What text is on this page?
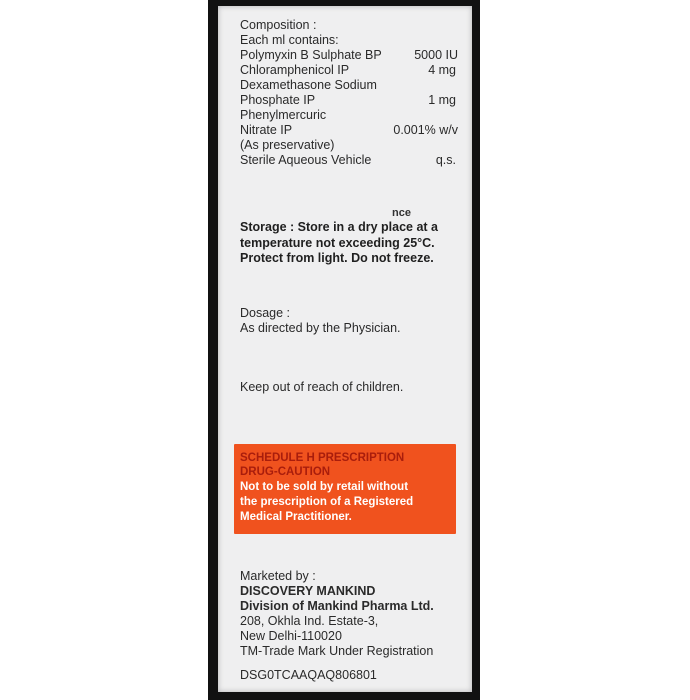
Composition :
Each ml contains:
Polymyxin B Sulphate BP	5000 IU
Chloramphenicol IP	4 mg
Dexamethasone Sodium
Phosphate IP	1 mg
Phenylmercuric
Nitrate IP	0.001% w/v
(As preservative)
Sterile Aqueous Vehicle	q.s.
nce
Storage : Store in a dry place at a
temperature not exceeding 25°C.
Protect from light. Do not freeze.
Dosage :
As directed by the Physician.
Keep out of reach of children.
SCHEDULE H PRESCRIPTION
DRUG-CAUTION
Not to be sold by retail without
the prescription of a Registered
Medical Practitioner.
Marketed by :
DISCOVERY MANKIND
Division of Mankind Pharma Ltd.
208, Okhla Ind. Estate-3,
New Delhi-110020
TM-Trade Mark Under Registration
DSG0TCAAQAQ806801
